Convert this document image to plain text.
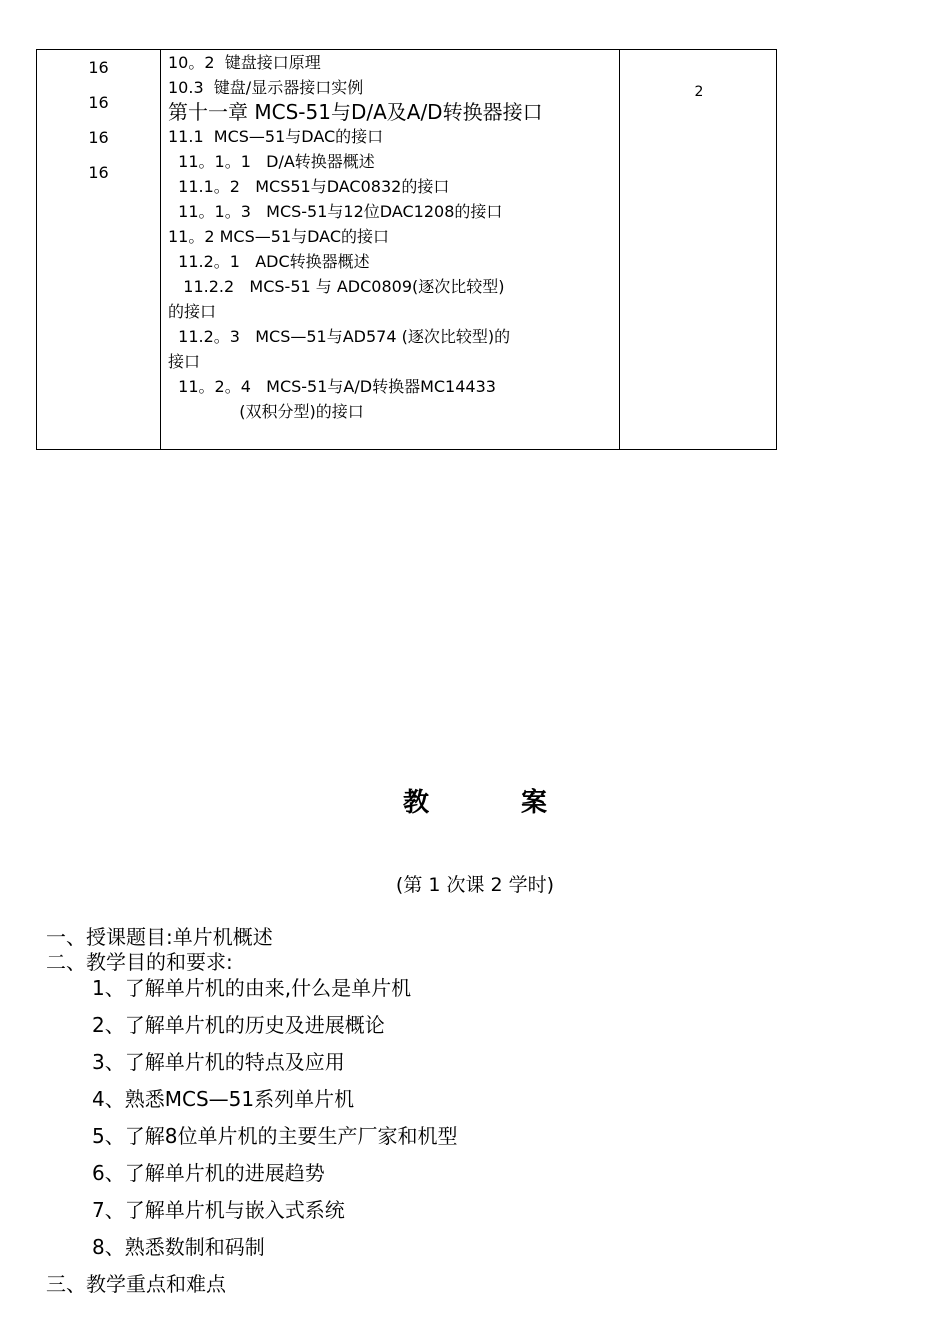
16
16
16
16
10。2  键盘接口原理
10.3  键盘/显示器接口实例
第十一章 MCS-51与D/A及A/D转换器接口
11.1  MCS—51与DAC的接口
11。1。1   D/A转换器概述
11.1。2   MCS51与DAC0832的接口
11。1。3   MCS-51与12位DAC1208的接口
11。2 MCS—51与DAC的接口
11.2。1   ADC转换器概述
11.2.2   MCS-51 与 ADC0809(逐次比较型)
的接口
11.2。3   MCS—51与AD574 (逐次比较型)的
接口
11。2。4   MCS-51与A/D转换器MC14433
(双积分型)的接口
2
教	案
(第 1 次课 2 学时)
一、授课题目:单片机概述
二、教学目的和要求:
1、了解单片机的由来,什么是单片机
2、了解单片机的历史及进展概论
3、了解单片机的特点及应用
4、熟悉MCS—51系列单片机
5、了解8位单片机的主要生产厂家和机型
6、了解单片机的进展趋势
7、了解单片机与嵌入式系统
8、熟悉数制和码制
三、教学重点和难点
